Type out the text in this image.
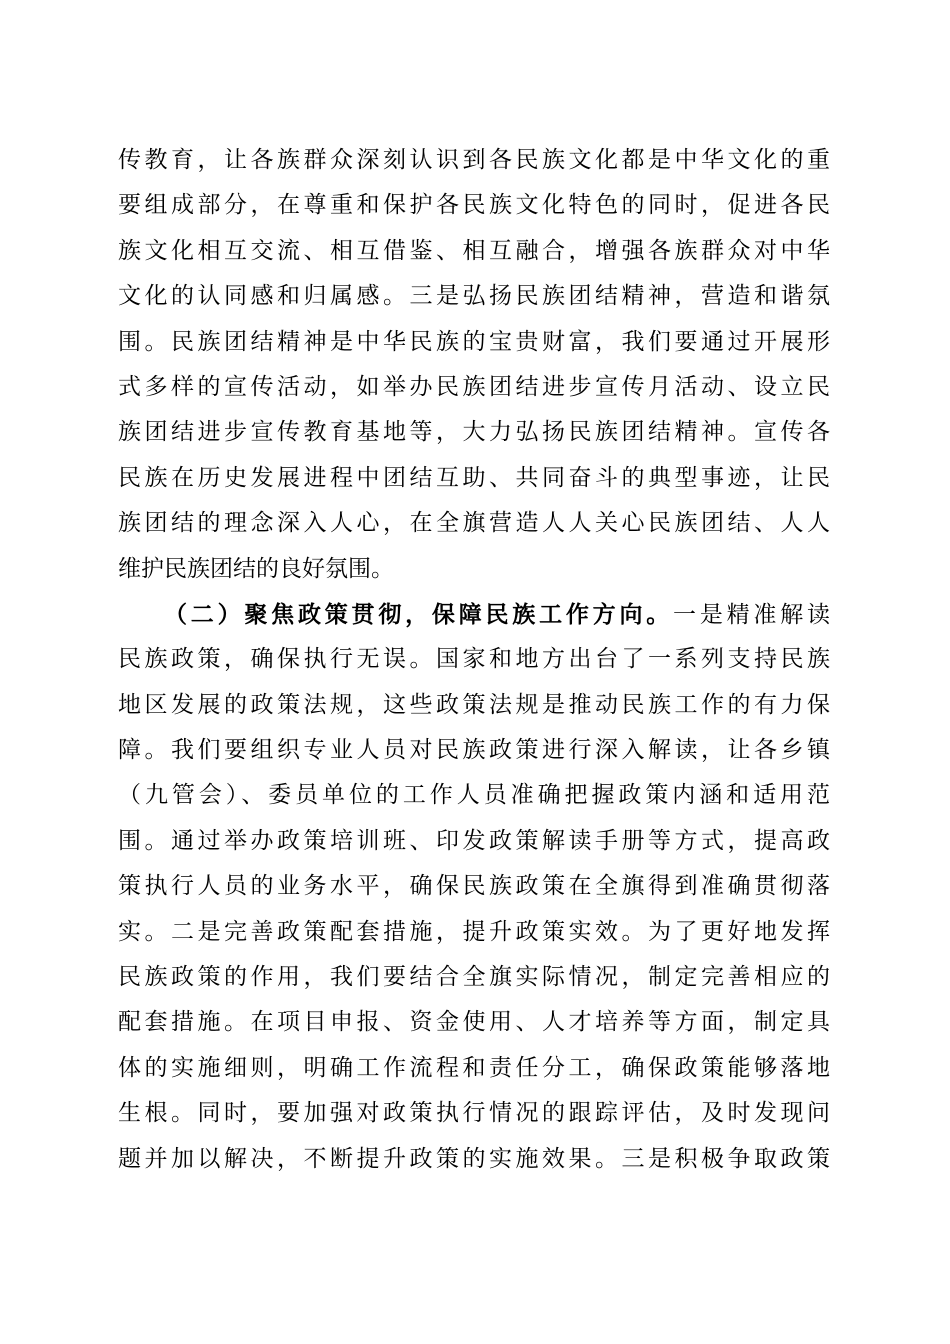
传教育，让各族群众深刻认识到各民族文化都是中华文化的重
要组成部分，在尊重和保护各民族文化特色的同时，促进各民
族文化相互交流、相互借鉴、相互融合，增强各族群众对中华
文化的认同感和归属感。三是弘扬民族团结精神，营造和谐氛
围。民族团结精神是中华民族的宝贵财富，我们要通过开展形
式多样的宣传活动，如举办民族团结进步宣传月活动、设立民
族团结进步宣传教育基地等，大力弘扬民族团结精神。宣传各
民族在历史发展进程中团结互助、共同奋斗的典型事迹，让民
族团结的理念深入人心，在全旗营造人人关心民族团结、人人
维护民族团结的良好氛围。
（二）聚焦政策贯彻，保障民族工作方向。一是精准解读
民族政策，确保执行无误。国家和地方出台了一系列支持民族
地区发展的政策法规，这些政策法规是推动民族工作的有力保
障。我们要组织专业人员对民族政策进行深入解读，让各乡镇
（九管会）、委员单位的工作人员准确把握政策内涵和适用范
围。通过举办政策培训班、印发政策解读手册等方式，提高政
策执行人员的业务水平，确保民族政策在全旗得到准确贯彻落
实。二是完善政策配套措施，提升政策实效。为了更好地发挥
民族政策的作用，我们要结合全旗实际情况，制定完善相应的
配套措施。在项目申报、资金使用、人才培养等方面，制定具
体的实施细则，明确工作流程和责任分工，确保政策能够落地
生根。同时，要加强对政策执行情况的跟踪评估，及时发现问
题并加以解决，不断提升政策的实施效果。三是积极争取政策
